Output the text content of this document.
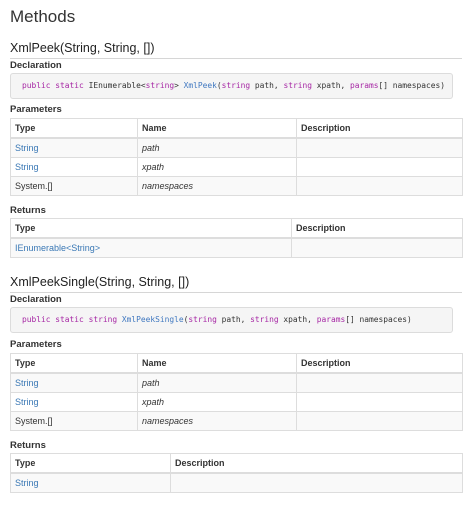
Methods
XmlPeek(String, String, [])
Declaration
public static IEnumerable<string> XmlPeek(string path, string xpath, params[] namespaces)
Parameters
Type	Name	Description
String	path	
String	xpath	
System.[]	namespaces	
Returns
Type	Description
IEnumerable<String>	
XmlPeekSingle(String, String, [])
Declaration
public static string XmlPeekSingle(string path, string xpath, params[] namespaces)
Parameters
Type	Name	Description
String	path	
String	xpath	
System.[]	namespaces	
Returns
Type	Description
String	
